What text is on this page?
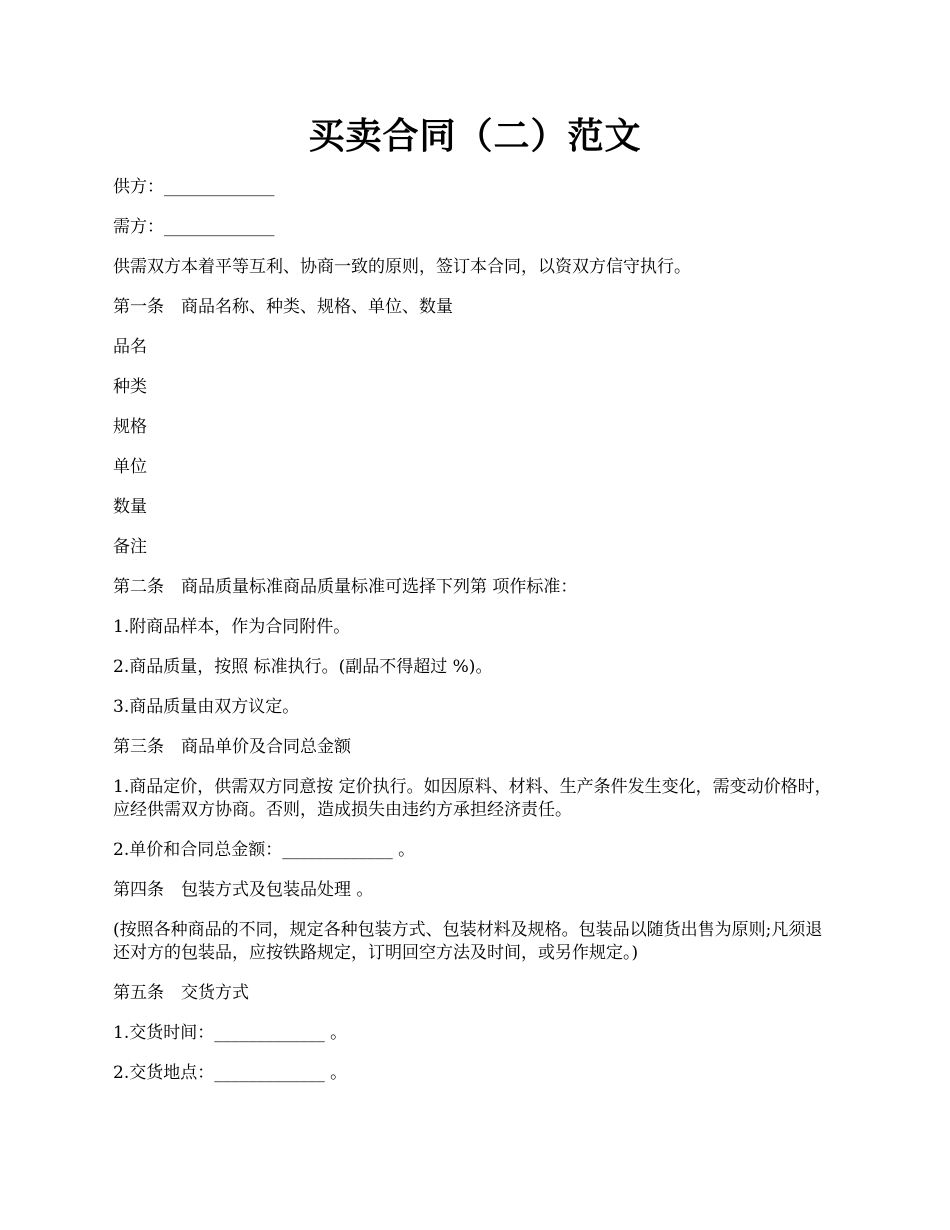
买卖合同（二）范文

供方：_____________

需方：_____________

供需双方本着平等互利、协商一致的原则，签订本合同，以资双方信守执行。

第一条　商品名称、种类、规格、单位、数量

品名

种类

规格

单位

数量

备注

第二条　商品质量标准商品质量标准可选择下列第 项作标准：

1.附商品样本，作为合同附件。

2.商品质量，按照 标准执行。(副品不得超过 %)。

3.商品质量由双方议定。

第三条　商品单价及合同总金额

1.商品定价，供需双方同意按 定价执行。如因原料、材料、生产条件发生变化，需变动价格时，应经供需双方协商。否则，造成损失由违约方承担经济责任。

2.单价和合同总金额：_____________ 。

第四条　包装方式及包装品处理 。

(按照各种商品的不同，规定各种包装方式、包装材料及规格。包装品以随货出售为原则;凡须退还对方的包装品，应按铁路规定，订明回空方法及时间，或另作规定。)

第五条　交货方式

1.交货时间：_____________ 。

2.交货地点：_____________ 。
